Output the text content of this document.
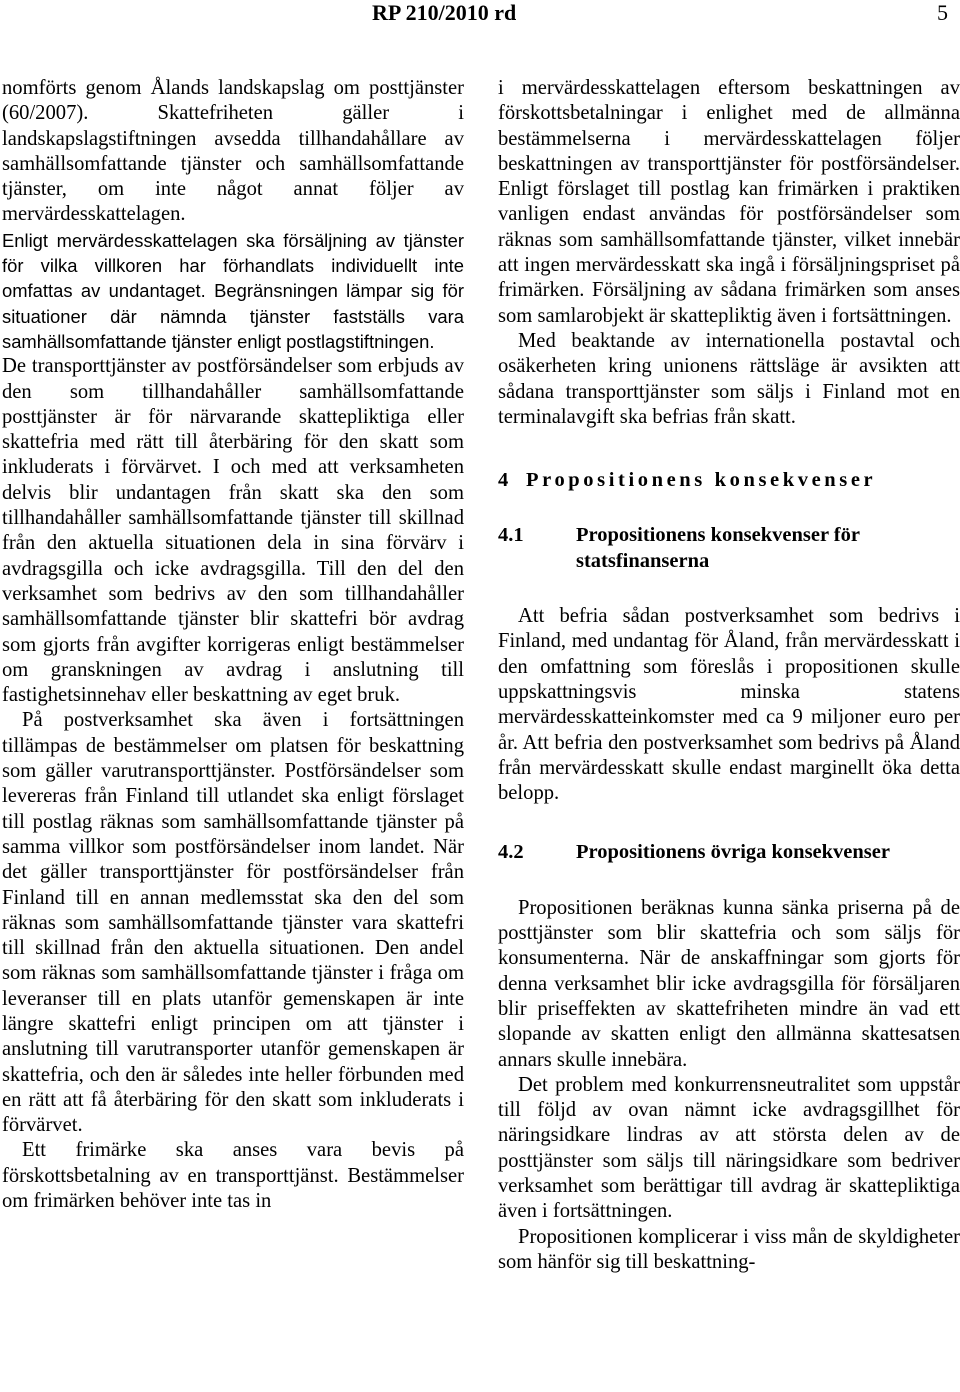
RP 210/2010 rd	5

nomförts genom Ålands landskapslag om posttjänster (60/2007). Skattefriheten gäller i landskapslagstiftningen avsedda tillhandahållare av samhällsomfattande tjänster och samhällsomfattande tjänster, om inte något annat följer av mervärdesskattelagen.

Enligt mervärdesskattelagen ska försäljning av tjänster för vilka villkoren har förhandlats individuellt inte omfattas av undantaget. Begränsningen lämpar sig för situationer där nämnda tjänster fastställs vara samhällsomfattande tjänster enligt postlagstiftningen.

De transporttjänster av postförsändelser som erbjuds av den som tillhandahåller samhällsomfattande posttjänster är för närvarande skattepliktiga eller skattefria med rätt till återbäring för den skatt som inkluderats i förvärvet. I och med att verksamheten delvis blir undantagen från skatt ska den som tillhandahåller samhällsomfattande tjänster till skillnad från den aktuella situationen dela in sina förvärv i avdragsgilla och icke avdragsgilla. Till den del den verksamhet som bedrivs av den som tillhandahåller samhällsomfattande tjänster blir skattefri bör avdrag som gjorts från avgifter korrigeras enligt bestämmelser om granskningen av avdrag i anslutning till fastighetsinnehav eller beskattning av eget bruk.

På postverksamhet ska även i fortsättningen tillämpas de bestämmelser om platsen för beskattning som gäller varutransporttjänster. Postförsändelser som levereras från Finland till utlandet ska enligt förslaget till postlag räknas som samhällsomfattande tjänster på samma villkor som postförsändelser inom landet. När det gäller transporttjänster för postförsändelser från Finland till en annan medlemsstat ska den del som räknas som samhällsomfattande tjänster vara skattefri till skillnad från den aktuella situationen. Den andel som räknas som samhällsomfattande tjänster i fråga om leveranser till en plats utanför gemenskapen är inte längre skattefri enligt principen om att tjänster i anslutning till varutransporter utanför gemenskapen är skattefria, och den är således inte heller förbunden med en rätt att få återbäring för den skatt som inkluderats i förvärvet.

Ett frimärke ska anses vara bevis på förskottsbetalning av en transporttjänst. Bestämmelser om frimärken behöver inte tas in

i mervärdesskattelagen eftersom beskattningen av förskottsbetalningar i enlighet med de allmänna bestämmelserna i mervärdesskattelagen följer beskattningen av transporttjänster för postförsändelser. Enligt förslaget till postlag kan frimärken i praktiken vanligen endast användas för postförsändelser som räknas som samhällsomfattande tjänster, vilket innebär att ingen mervärdesskatt ska ingå i försäljningspriset på frimärken. Försäljning av sådana frimärken som anses som samlarobjekt är skattepliktig även i fortsättningen.

Med beaktande av internationella postavtal och osäkerheten kring unionens rättsläge är avsikten att sådana transporttjänster som säljs i Finland mot en terminalavgift ska befrias från skatt.

4 Propositionens konsekvenser
4.1	Propositionens konsekvenser för statsfinanserna

Att befria sådan postverksamhet som bedrivs i Finland, med undantag för Åland, från mervärdesskatt i den omfattning som föreslås i propositionen skulle uppskattningsvis minska statens mervärdesskatteinkomster med ca 9 miljoner euro per år. Att befria den postverksamhet som bedrivs på Åland från mervärdesskatt skulle endast marginellt öka detta belopp.

4.2	Propositionens övriga konsekvenser

Propositionen beräknas kunna sänka priserna på de posttjänster som blir skattefria och som säljs för konsumenterna. När de anskaffningar som gjorts för denna verksamhet blir icke avdragsgilla för försäljaren blir priseffekten av skattefriheten mindre än vad ett slopande av skatten enligt den allmänna skattesatsen annars skulle innebära.

Det problem med konkurrensneutralitet som uppstår till följd av ovan nämnt icke avdragsgillhet för näringsidkare lindras av att största delen av de posttjänster som säljs till näringsidkare som bedriver verksamhet som berättigar till avdrag är skattepliktiga även i fortsättningen.

Propositionen komplicerar i viss mån de skyldigheter som hänför sig till beskattning-
